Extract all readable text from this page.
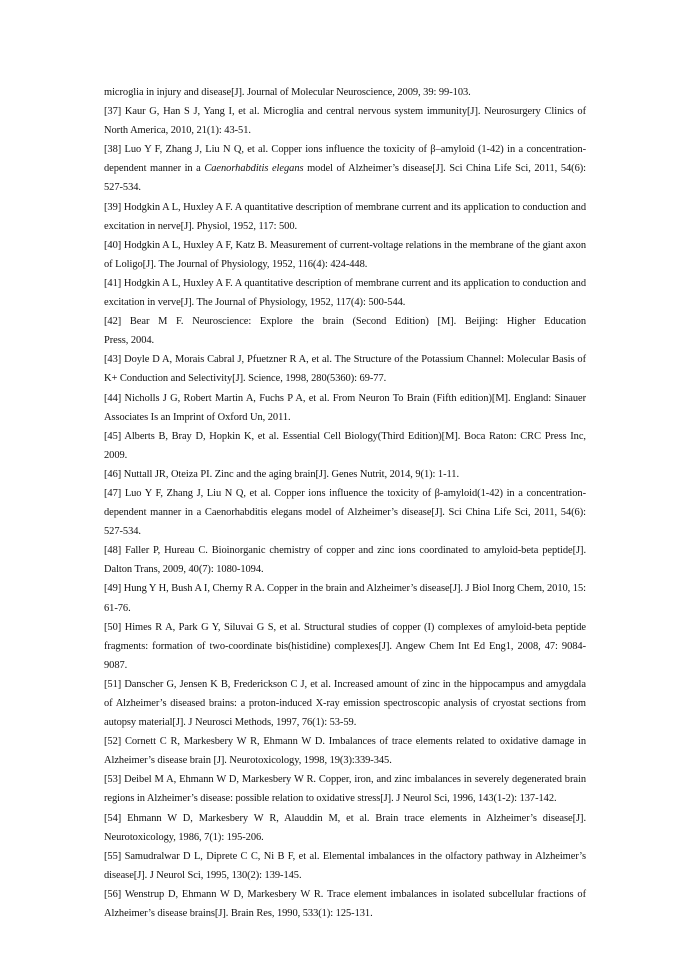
microglia in injury and disease[J]. Journal of Molecular Neuroscience, 2009, 39: 99-103.

[37] Kaur G, Han S J, Yang I, et al. Microglia and central nervous system immunity[J]. Neurosurgery Clinics of North America, 2010, 21(1): 43-51.

[38] Luo Y F, Zhang J, Liu N Q, et al. Copper ions influence the toxicity of β–amyloid (1-42) in a concentration-dependent manner in a Caenorhabditis elegans model of Alzheimer’s disease[J]. Sci China Life Sci, 2011, 54(6): 527-534.

[39] Hodgkin A L, Huxley A F. A quantitative description of membrane current and its application to conduction and excitation in nerve[J]. Physiol, 1952, 117: 500.

[40] Hodgkin A L, Huxley A F, Katz B. Measurement of current-voltage relations in the membrane of the giant axon of Loligo[J]. The Journal of Physiology, 1952, 116(4): 424-448.

[41] Hodgkin A L, Huxley A F. A quantitative description of membrane current and its application to conduction and excitation in verve[J]. The Journal of Physiology, 1952, 117(4): 500-544.

[42] Bear M F. Neuroscience: Explore the brain (Second Edition) [M]. Beijing: Higher Education
Press, 2004.

[43] Doyle D A, Morais Cabral J, Pfuetzner R A, et al. The Structure of the Potassium Channel: Molecular Basis of K+ Conduction and Selectivity[J]. Science, 1998, 280(5360): 69-77.

[44] Nicholls J G, Robert Martin A, Fuchs P A, et al. From Neuron To Brain (Fifth edition)[M]. England: Sinauer Associates Is an Imprint of Oxford Un, 2011.

[45] Alberts B, Bray D, Hopkin K, et al. Essential Cell Biology(Third Edition)[M]. Boca Raton: CRC Press Inc, 2009.

[46] Nuttall JR, Oteiza PI. Zinc and the aging brain[J]. Genes Nutrit, 2014, 9(1): 1-11.

[47] Luo Y F, Zhang J, Liu N Q, et al. Copper ions influence the toxicity of β-amyloid(1-42) in a concentration-dependent manner in a Caenorhabditis elegans model of Alzheimer’s disease[J]. Sci China Life Sci, 2011, 54(6): 527-534.

[48] Faller P, Hureau C. Bioinorganic chemistry of copper and zinc ions coordinated to amyloid-beta peptide[J]. Dalton Trans, 2009, 40(7): 1080-1094.

[49] Hung Y H, Bush A I, Cherny R A. Copper in the brain and Alzheimer’s disease[J]. J Biol Inorg Chem, 2010, 15: 61-76.

[50] Himes R A, Park G Y, Siluvai G S, et al. Structural studies of copper (I) complexes of amyloid-beta peptide fragments: formation of two-coordinate bis(histidine) complexes[J]. Angew Chem Int Ed Eng1, 2008, 47: 9084-9087.

[51] Danscher G, Jensen K B, Frederickson C J, et al. Increased amount of zinc in the hippocampus and amygdala of Alzheimer’s diseased brains: a proton-induced X-ray emission spectroscopic analysis of cryostat sections from autopsy material[J]. J Neurosci Methods, 1997, 76(1): 53-59.

[52] Cornett C R, Markesbery W R, Ehmann W D. Imbalances of trace elements related to oxidative damage in Alzheimer’s disease brain [J]. Neurotoxicology, 1998, 19(3):339-345.

[53] Deibel M A, Ehmann W D, Markesbery W R. Copper, iron, and zinc imbalances in severely degenerated brain regions in Alzheimer’s disease: possible relation to oxidative stress[J]. J Neurol Sci, 1996, 143(1-2): 137-142.

[54] Ehmann W D, Markesbery W R, Alauddin M, et al. Brain trace elements in Alzheimer’s disease[J]. Neurotoxicology, 1986, 7(1): 195-206.

[55] Samudralwar D L, Diprete C C, Ni B F, et al. Elemental imbalances in the olfactory pathway in Alzheimer’s disease[J]. J Neurol Sci, 1995, 130(2): 139-145.

[56] Wenstrup D, Ehmann W D, Markesbery W R. Trace element imbalances in isolated subcellular fractions of Alzheimer’s disease brains[J]. Brain Res, 1990, 533(1): 125-131.
